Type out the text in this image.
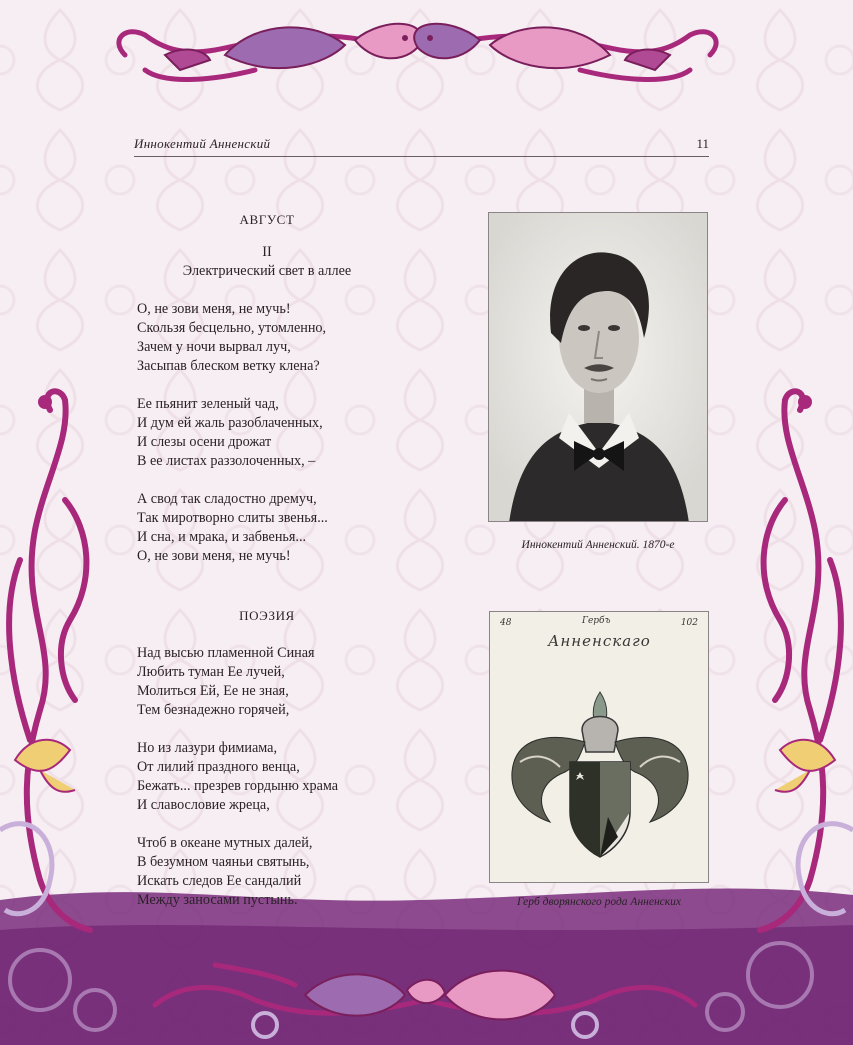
Иннокентий Анненский	11
АВГУСТ
II
Электрический свет в аллее
О, не зови меня, не мучь!
Скользя бесцельно, утомленно,
Зачем у ночи вырвал луч,
Засыпав блеском ветку клена?
Ее пьянит зеленый чад,
И дум ей жаль разоблаченных,
И слезы осени дрожат
В ее листах раззолоченных, –
А свод так сладостно дремуч,
Так миротворно слиты звенья...
И сна, и мрака, и забвенья...
О, не зови меня, не мучь!
ПОЭЗИЯ
Над высью пламенной Синая
Любить туман Ее лучей,
Молиться Ей, Ее не зная,
Тем безнадежно горячей,
Но из лазури фимиама,
От лилий праздного венца,
Бежать... презрев гордыню храма
И славословие жреца,
Чтоб в океане мутных далей,
В безумном чаяньи святынь,
Искать следов Ее сандалий
Между заносами пустынь.
Иннокентий Анненский. 1870-е
48	102
Гербъ
Анненскаго
Герб дворянского рода Анненских
